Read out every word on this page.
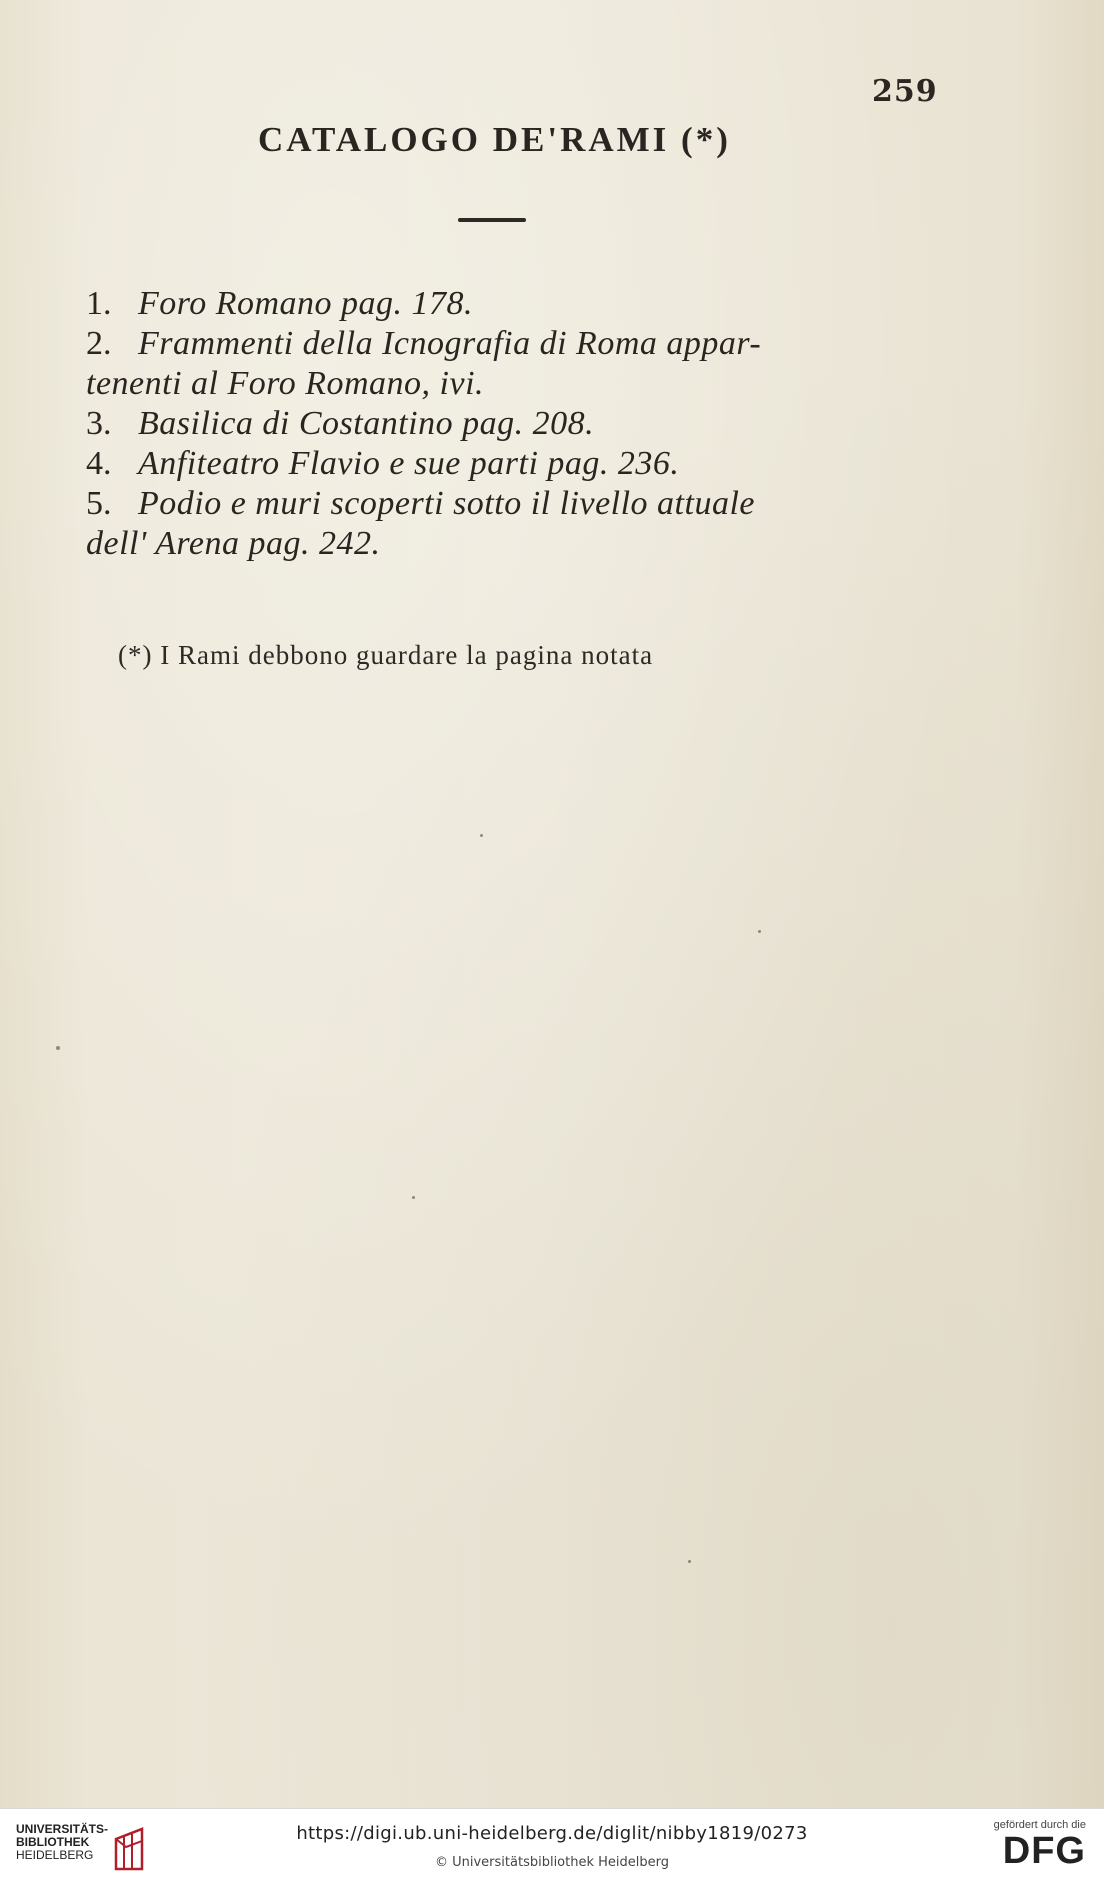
259
CATALOGO DE'RAMI (*)
1. Foro Romano pag. 178.
2. Frammenti della Icnografia di Roma appar-
tenenti al Foro Romano, ivi.
3. Basilica di Costantino pag. 208.
4. Anfiteatro Flavio e sue parti pag. 236.
5. Podio e muri scoperti sotto il livello attuale
dell' Arena pag. 242.
(*) I Rami debbono guardare la pagina notata
UNIVERSITÄTS-
BIBLIOTHEK
HEIDELBERG
https://digi.ub.uni-heidelberg.de/diglit/nibby1819/0273
© Universitätsbibliothek Heidelberg
gefördert durch die
DFG
